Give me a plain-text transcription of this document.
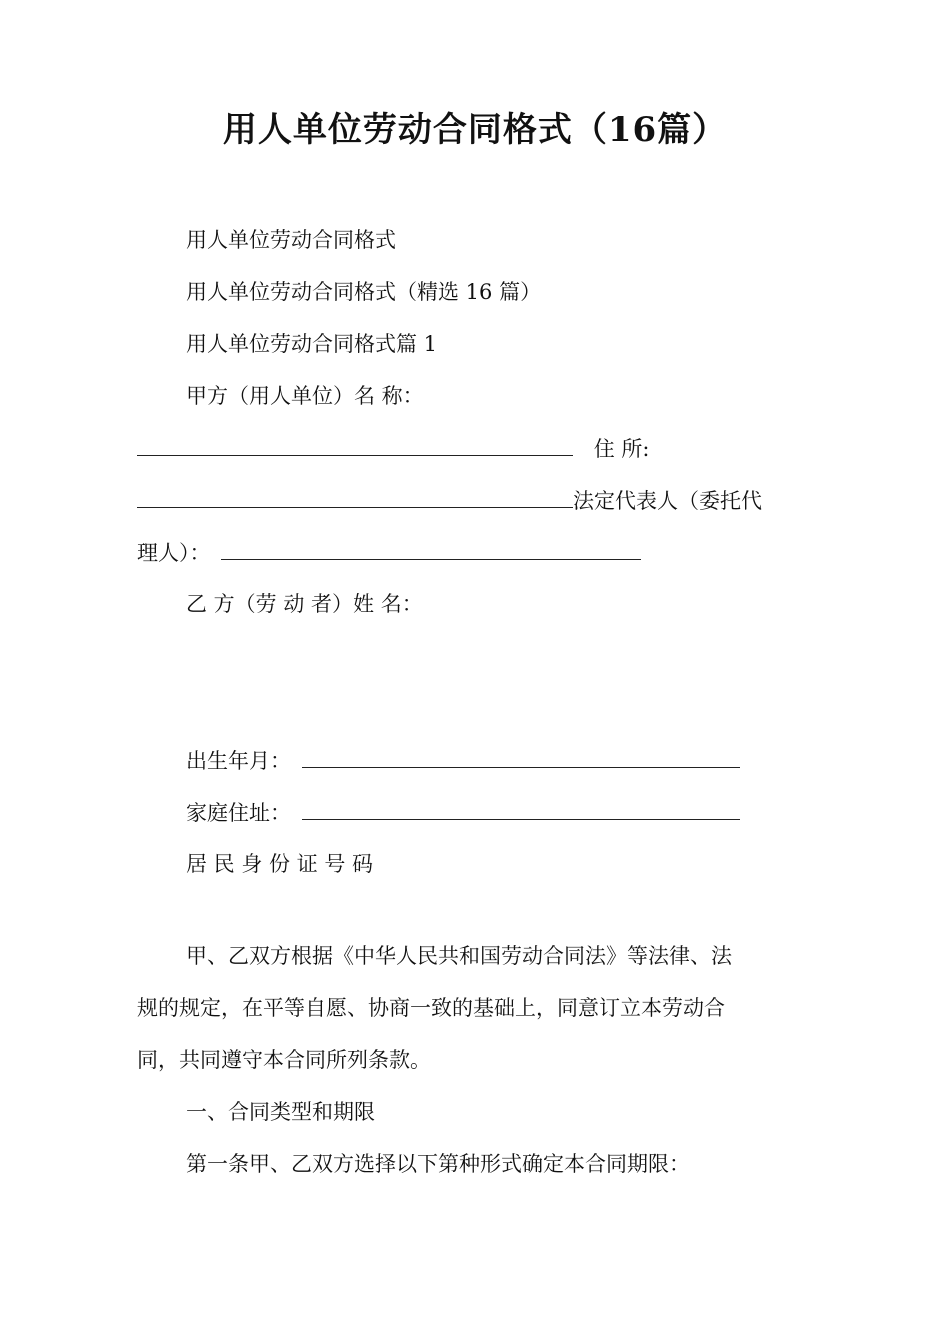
用人单位劳动合同格式（16篇）
用人单位劳动合同格式
用人单位劳动合同格式（精选 16 篇）
用人单位劳动合同格式篇 1
甲方（用人单位）名 称：
住 所:
法定代表人（委托代
理人）：
乙 方（劳 动 者）姓 名：
出生年月：
家庭住址：
居 民 身 份 证 号 码
甲、乙双方根据《中华人民共和国劳动合同法》等法律、法
规的规定，在平等自愿、协商一致的基础上，同意订立本劳动合
同，共同遵守本合同所列条款。
一、合同类型和期限
第一条甲、乙双方选择以下第种形式确定本合同期限：
